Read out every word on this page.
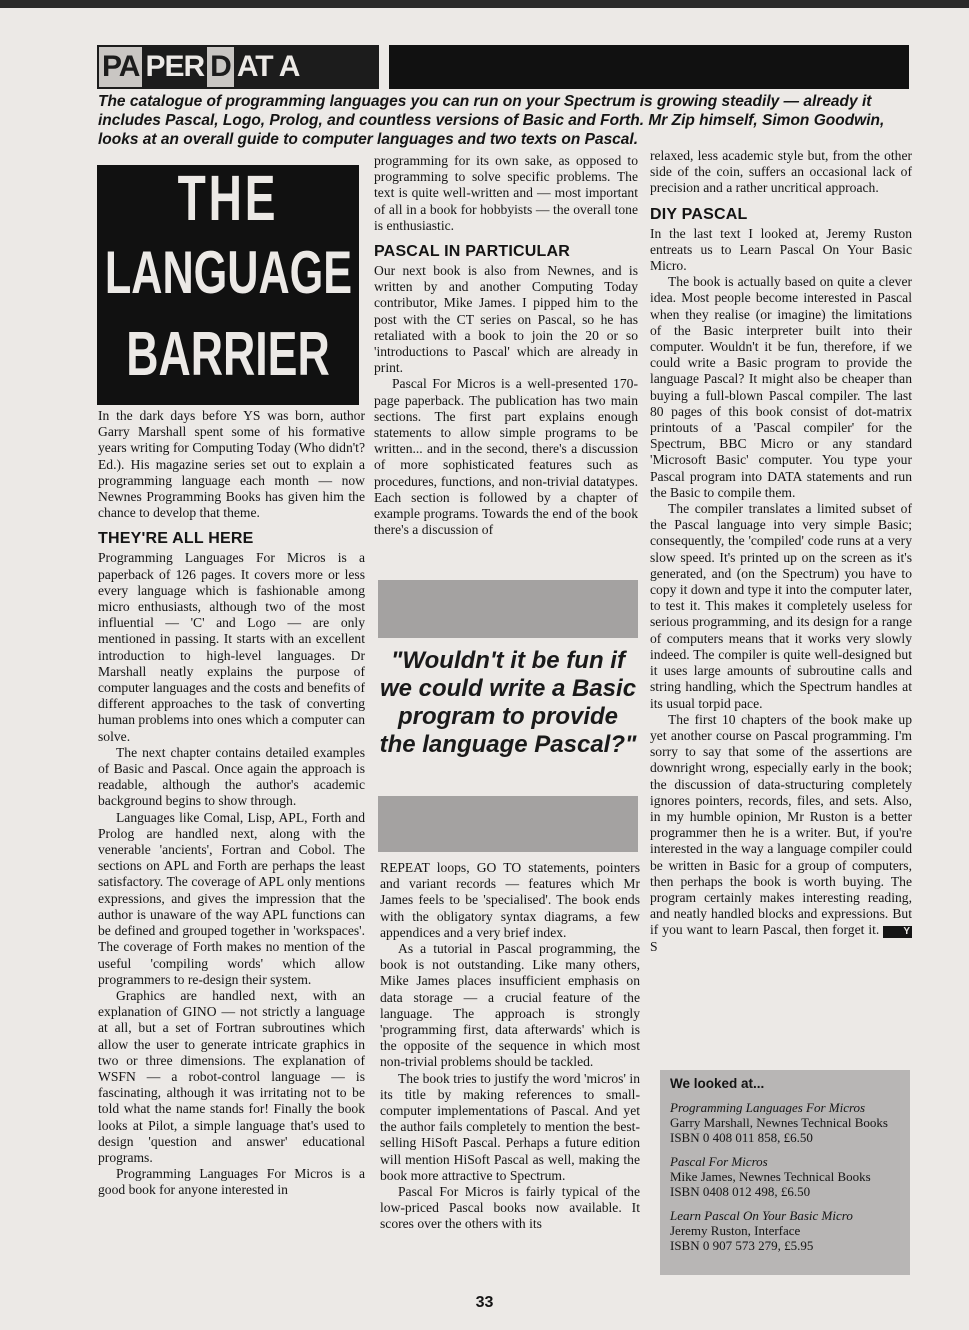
PA PER D AT A
The catalogue of programming languages you can run on your Spectrum is growing steadily — already it includes Pascal, Logo, Prolog, and countless versions of Basic and Forth. Mr Zip himself, Simon Goodwin, looks at an overall guide to computer languages and two texts on Pascal.
THE
LANGUAGE
BARRIER

In the dark days before YS was born, author Garry Marshall spent some of his formative years writing for Computing Today (Who didn't? Ed.). His magazine series set out to explain a programming language each month — now Newnes Programming Books has given him the chance to develop that theme.

THEY'RE ALL HERE

Programming Languages For Micros is a paperback of 126 pages. It covers more or less every language which is fashionable among micro enthusiasts, although two of the most influential — 'C' and Logo — are only mentioned in passing. It starts with an excellent introduction to high-level languages. Dr Marshall neatly explains the purpose of computer languages and the costs and benefits of different approaches to the task of converting human problems into ones which a computer can solve.

The next chapter contains detailed examples of Basic and Pascal. Once again the approach is readable, although the author's academic background begins to show through.

Languages like Comal, Lisp, APL, Forth and Prolog are handled next, along with the venerable 'ancients', Fortran and Cobol. The sections on APL and Forth are perhaps the least satisfactory. The coverage of APL only mentions expressions, and gives the impression that the author is unaware of the way APL functions can be defined and grouped together in 'workspaces'. The coverage of Forth makes no mention of the useful 'compiling words' which allow programmers to re-design their system.

Graphics are handled next, with an explanation of GINO — not strictly a language at all, but a set of Fortran subroutines which allow the user to generate intricate graphics in two or three dimensions. The explanation of WSFN — a robot-control language — is fascinating, although it was irritating not to be told what the name stands for! Finally the book looks at Pilot, a simple language that's used to design 'question and answer' educational programs.

Programming Languages For Micros is a good book for anyone interested in

programming for its own sake, as opposed to programming to solve specific problems. The text is quite well-written and — most important of all in a book for hobbyists — the overall tone is enthusiastic.

PASCAL IN PARTICULAR

Our next book is also from Newnes, and is written by and another Computing Today contributor, Mike James. I pipped him to the post with the CT series on Pascal, so he has retaliated with a book to join the 20 or so 'introductions to Pascal' which are already in print.

Pascal For Micros is a well-presented 170-page paperback. The publication has two main sections. The first part explains enough statements to allow simple programs to be written... and in the second, there's a discussion of more sophisticated features such as procedures, functions, and non-trivial datatypes. Each section is followed by a chapter of example programs. Towards the end of the book there's a discussion of

"Wouldn't it be fun if we could write a Basic program to provide the language Pascal?"

REPEAT loops, GO TO statements, pointers and variant records — features which Mr James feels to be 'specialised'. The book ends with the obligatory syntax diagrams, a few appendices and a very brief index.

As a tutorial in Pascal programming, the book is not outstanding. Like many others, Mike James places insufficient emphasis on data storage — a crucial feature of the language. The approach is strongly 'programming first, data afterwards' which is the opposite of the sequence in which most non-trivial problems should be tackled.

The book tries to justify the word 'micros' in its title by making references to small-computer implementations of Pascal. And yet the author fails completely to mention the best-selling HiSoft Pascal. Perhaps a future edition will mention HiSoft Pascal as well, making the book more attractive to Spectrum.

Pascal For Micros is fairly typical of the low-priced Pascal books now available. It scores over the others with its

relaxed, less academic style but, from the other side of the coin, suffers an occasional lack of precision and a rather uncritical approach.

DIY PASCAL

In the last text I looked at, Jeremy Ruston entreats us to Learn Pascal On Your Basic Micro.

The book is actually based on quite a clever idea. Most people become interested in Pascal when they realise (or imagine) the limitations of the Basic interpreter built into their computer. Wouldn't it be fun, therefore, if we could write a Basic program to provide the language Pascal? It might also be cheaper than buying a full-blown Pascal compiler. The last 80 pages of this book consist of dot-matrix printouts of a 'Pascal compiler' for the Spectrum, BBC Micro or any standard 'Microsoft Basic' computer. You type your Pascal program into DATA statements and run the Basic to compile them.

The compiler translates a limited subset of the Pascal language into very simple Basic; consequently, the 'compiled' code runs at a very slow speed. It's printed up on the screen as it's generated, and (on the Spectrum) you have to copy it down and type it into the computer later, to test it. This makes it completely useless for serious programming, and its design for a range of computers means that it works very slowly indeed. The compiler is quite well-designed but it uses large amounts of subroutine calls and string handling, which the Spectrum handles at its usual torpid pace.

The first 10 chapters of the book make up yet another course on Pascal programming. I'm sorry to say that some of the assertions are downright wrong, especially early in the book; the discussion of data-structuring completely ignores pointers, records, files, and sets. Also, in my humble opinion, Mr Ruston is a better programmer then he is a writer. But, if you're interested in the way a language compiler could be written in Basic for a group of computers, then perhaps the book is worth buying. The program certainly makes interesting reading, and neatly handled blocks and expressions. But if you want to learn Pascal, then forget it. YS

We looked at...
Programming Languages For Micros
Garry Marshall, Newnes Technical Books
ISBN 0 408 011 858, £6.50
Pascal For Micros
Mike James, Newnes Technical Books
ISBN 0408 012 498, £6.50
Learn Pascal On Your Basic Micro
Jeremy Ruston, Interface
ISBN 0 907 573 279, £5.95
33
